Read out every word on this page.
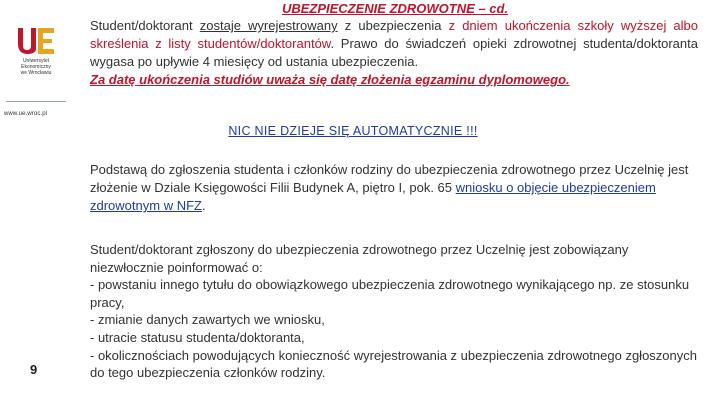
Uniwersytet
Ekonomiczny
we Wrocławiu
www.ue.wroc.pl
9
UBEZPIECZENIE ZDROWOTNE – cd.
Student/doktorant zostaje wyrejestrowany z ubezpieczenia z dniem ukończenia szkoły wyższej albo skreślenia z listy studentów/doktorantów. Prawo do świadczeń opieki zdrowotnej studenta/doktoranta wygasa po upływie 4 miesięcy od ustania ubezpieczenia.
Za datę ukończenia studiów uważa się datę złożenia egzaminu dyplomowego.
NIC NIE DZIEJE SIĘ AUTOMATYCZNIE !!!
Podstawą do zgłoszenia studenta i członków rodziny do ubezpieczenia zdrowotnego przez Uczelnię jest złożenie w Dziale Księgowości Filii Budynek A, piętro I, pok. 65 wniosku o objęcie ubezpieczeniem zdrowotnym w NFZ.
Student/doktorant zgłoszony do ubezpieczenia zdrowotnego przez Uczelnię jest zobowiązany niezwłocznie poinformować o:
- powstaniu innego tytułu do obowiązkowego ubezpieczenia zdrowotnego wynikającego np. ze stosunku pracy,
- zmianie danych zawartych we wniosku,
- utracie statusu studenta/doktoranta,
- okolicznościach powodujących konieczność wyrejestrowania z ubezpieczenia zdrowotnego zgłoszonych do tego ubezpieczenia członków rodziny.
